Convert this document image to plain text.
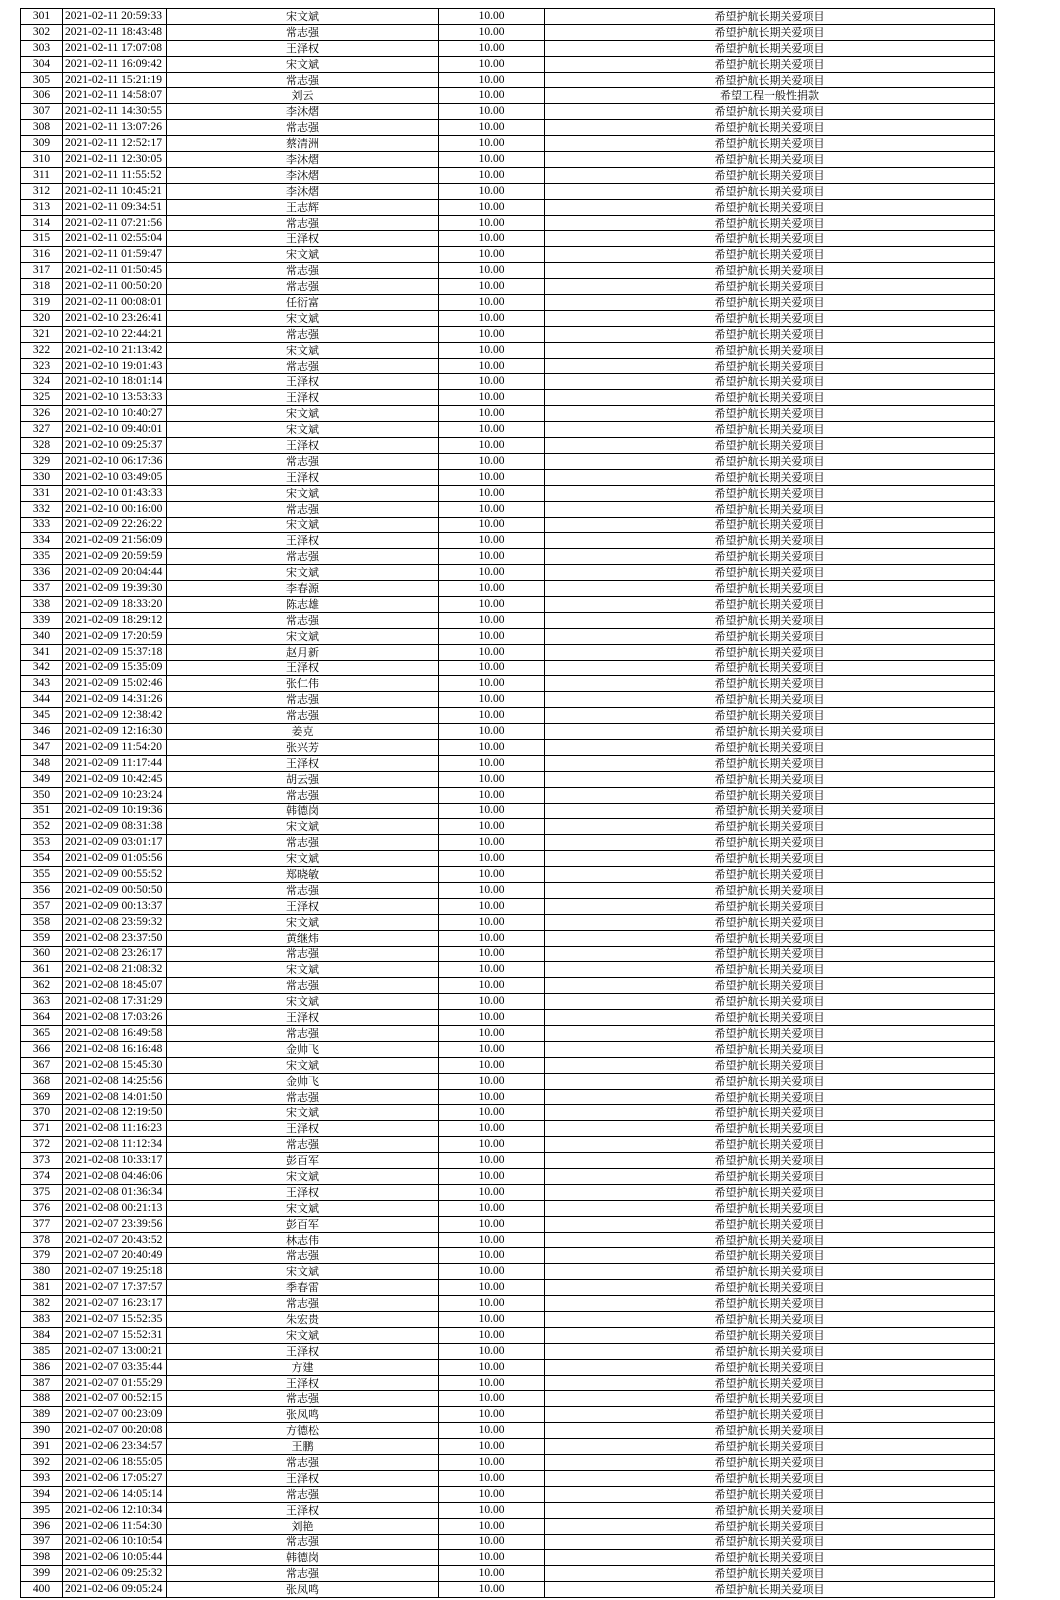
301	2021-02-11 20:59:33	宋文斌	10.00	希望护航长期关爱项目
302	2021-02-11 18:43:48	常志强	10.00	希望护航长期关爱项目
303	2021-02-11 17:07:08	王泽权	10.00	希望护航长期关爱项目
304	2021-02-11 16:09:42	宋文斌	10.00	希望护航长期关爱项目
305	2021-02-11 15:21:19	常志强	10.00	希望护航长期关爱项目
306	2021-02-11 14:58:07	刘云	10.00	希望工程一般性捐款
307	2021-02-11 14:30:55	李沐熠	10.00	希望护航长期关爱项目
308	2021-02-11 13:07:26	常志强	10.00	希望护航长期关爱项目
309	2021-02-11 12:52:17	蔡清洲	10.00	希望护航长期关爱项目
310	2021-02-11 12:30:05	李沐熠	10.00	希望护航长期关爱项目
311	2021-02-11 11:55:52	李沐熠	10.00	希望护航长期关爱项目
312	2021-02-11 10:45:21	李沐熠	10.00	希望护航长期关爱项目
313	2021-02-11 09:34:51	王志辉	10.00	希望护航长期关爱项目
314	2021-02-11 07:21:56	常志强	10.00	希望护航长期关爱项目
315	2021-02-11 02:55:04	王泽权	10.00	希望护航长期关爱项目
316	2021-02-11 01:59:47	宋文斌	10.00	希望护航长期关爱项目
317	2021-02-11 01:50:45	常志强	10.00	希望护航长期关爱项目
318	2021-02-11 00:50:20	常志强	10.00	希望护航长期关爱项目
319	2021-02-11 00:08:01	任衍富	10.00	希望护航长期关爱项目
320	2021-02-10 23:26:41	宋文斌	10.00	希望护航长期关爱项目
321	2021-02-10 22:44:21	常志强	10.00	希望护航长期关爱项目
322	2021-02-10 21:13:42	宋文斌	10.00	希望护航长期关爱项目
323	2021-02-10 19:01:43	常志强	10.00	希望护航长期关爱项目
324	2021-02-10 18:01:14	王泽权	10.00	希望护航长期关爱项目
325	2021-02-10 13:53:33	王泽权	10.00	希望护航长期关爱项目
326	2021-02-10 10:40:27	宋文斌	10.00	希望护航长期关爱项目
327	2021-02-10 09:40:01	宋文斌	10.00	希望护航长期关爱项目
328	2021-02-10 09:25:37	王泽权	10.00	希望护航长期关爱项目
329	2021-02-10 06:17:36	常志强	10.00	希望护航长期关爱项目
330	2021-02-10 03:49:05	王泽权	10.00	希望护航长期关爱项目
331	2021-02-10 01:43:33	宋文斌	10.00	希望护航长期关爱项目
332	2021-02-10 00:16:00	常志强	10.00	希望护航长期关爱项目
333	2021-02-09 22:26:22	宋文斌	10.00	希望护航长期关爱项目
334	2021-02-09 21:56:09	王泽权	10.00	希望护航长期关爱项目
335	2021-02-09 20:59:59	常志强	10.00	希望护航长期关爱项目
336	2021-02-09 20:04:44	宋文斌	10.00	希望护航长期关爱项目
337	2021-02-09 19:39:30	李春源	10.00	希望护航长期关爱项目
338	2021-02-09 18:33:20	陈志雄	10.00	希望护航长期关爱项目
339	2021-02-09 18:29:12	常志强	10.00	希望护航长期关爱项目
340	2021-02-09 17:20:59	宋文斌	10.00	希望护航长期关爱项目
341	2021-02-09 15:37:18	赵月新	10.00	希望护航长期关爱项目
342	2021-02-09 15:35:09	王泽权	10.00	希望护航长期关爱项目
343	2021-02-09 15:02:46	张仁伟	10.00	希望护航长期关爱项目
344	2021-02-09 14:31:26	常志强	10.00	希望护航长期关爱项目
345	2021-02-09 12:38:42	常志强	10.00	希望护航长期关爱项目
346	2021-02-09 12:16:30	姜克	10.00	希望护航长期关爱项目
347	2021-02-09 11:54:20	张兴芳	10.00	希望护航长期关爱项目
348	2021-02-09 11:17:44	王泽权	10.00	希望护航长期关爱项目
349	2021-02-09 10:42:45	胡云强	10.00	希望护航长期关爱项目
350	2021-02-09 10:23:24	常志强	10.00	希望护航长期关爱项目
351	2021-02-09 10:19:36	韩德岗	10.00	希望护航长期关爱项目
352	2021-02-09 08:31:38	宋文斌	10.00	希望护航长期关爱项目
353	2021-02-09 03:01:17	常志强	10.00	希望护航长期关爱项目
354	2021-02-09 01:05:56	宋文斌	10.00	希望护航长期关爱项目
355	2021-02-09 00:55:52	郑晓敏	10.00	希望护航长期关爱项目
356	2021-02-09 00:50:50	常志强	10.00	希望护航长期关爱项目
357	2021-02-09 00:13:37	王泽权	10.00	希望护航长期关爱项目
358	2021-02-08 23:59:32	宋文斌	10.00	希望护航长期关爱项目
359	2021-02-08 23:37:50	黄继炜	10.00	希望护航长期关爱项目
360	2021-02-08 23:26:17	常志强	10.00	希望护航长期关爱项目
361	2021-02-08 21:08:32	宋文斌	10.00	希望护航长期关爱项目
362	2021-02-08 18:45:07	常志强	10.00	希望护航长期关爱项目
363	2021-02-08 17:31:29	宋文斌	10.00	希望护航长期关爱项目
364	2021-02-08 17:03:26	王泽权	10.00	希望护航长期关爱项目
365	2021-02-08 16:49:58	常志强	10.00	希望护航长期关爱项目
366	2021-02-08 16:16:48	金帅飞	10.00	希望护航长期关爱项目
367	2021-02-08 15:45:30	宋文斌	10.00	希望护航长期关爱项目
368	2021-02-08 14:25:56	金帅飞	10.00	希望护航长期关爱项目
369	2021-02-08 14:01:50	常志强	10.00	希望护航长期关爱项目
370	2021-02-08 12:19:50	宋文斌	10.00	希望护航长期关爱项目
371	2021-02-08 11:16:23	王泽权	10.00	希望护航长期关爱项目
372	2021-02-08 11:12:34	常志强	10.00	希望护航长期关爱项目
373	2021-02-08 10:33:17	彭百军	10.00	希望护航长期关爱项目
374	2021-02-08 04:46:06	宋文斌	10.00	希望护航长期关爱项目
375	2021-02-08 01:36:34	王泽权	10.00	希望护航长期关爱项目
376	2021-02-08 00:21:13	宋文斌	10.00	希望护航长期关爱项目
377	2021-02-07 23:39:56	彭百军	10.00	希望护航长期关爱项目
378	2021-02-07 20:43:52	林志伟	10.00	希望护航长期关爱项目
379	2021-02-07 20:40:49	常志强	10.00	希望护航长期关爱项目
380	2021-02-07 19:25:18	宋文斌	10.00	希望护航长期关爱项目
381	2021-02-07 17:37:57	季春雷	10.00	希望护航长期关爱项目
382	2021-02-07 16:23:17	常志强	10.00	希望护航长期关爱项目
383	2021-02-07 15:52:35	朱宏贵	10.00	希望护航长期关爱项目
384	2021-02-07 15:52:31	宋文斌	10.00	希望护航长期关爱项目
385	2021-02-07 13:00:21	王泽权	10.00	希望护航长期关爱项目
386	2021-02-07 03:35:44	方建	10.00	希望护航长期关爱项目
387	2021-02-07 01:55:29	王泽权	10.00	希望护航长期关爱项目
388	2021-02-07 00:52:15	常志强	10.00	希望护航长期关爱项目
389	2021-02-07 00:23:09	张凤鸣	10.00	希望护航长期关爱项目
390	2021-02-07 00:20:08	方德松	10.00	希望护航长期关爱项目
391	2021-02-06 23:34:57	王鹏	10.00	希望护航长期关爱项目
392	2021-02-06 18:55:05	常志强	10.00	希望护航长期关爱项目
393	2021-02-06 17:05:27	王泽权	10.00	希望护航长期关爱项目
394	2021-02-06 14:05:14	常志强	10.00	希望护航长期关爱项目
395	2021-02-06 12:10:34	王泽权	10.00	希望护航长期关爱项目
396	2021-02-06 11:54:30	刘艳	10.00	希望护航长期关爱项目
397	2021-02-06 10:10:54	常志强	10.00	希望护航长期关爱项目
398	2021-02-06 10:05:44	韩德岗	10.00	希望护航长期关爱项目
399	2021-02-06 09:25:32	常志强	10.00	希望护航长期关爱项目
400	2021-02-06 09:05:24	张凤鸣	10.00	希望护航长期关爱项目
